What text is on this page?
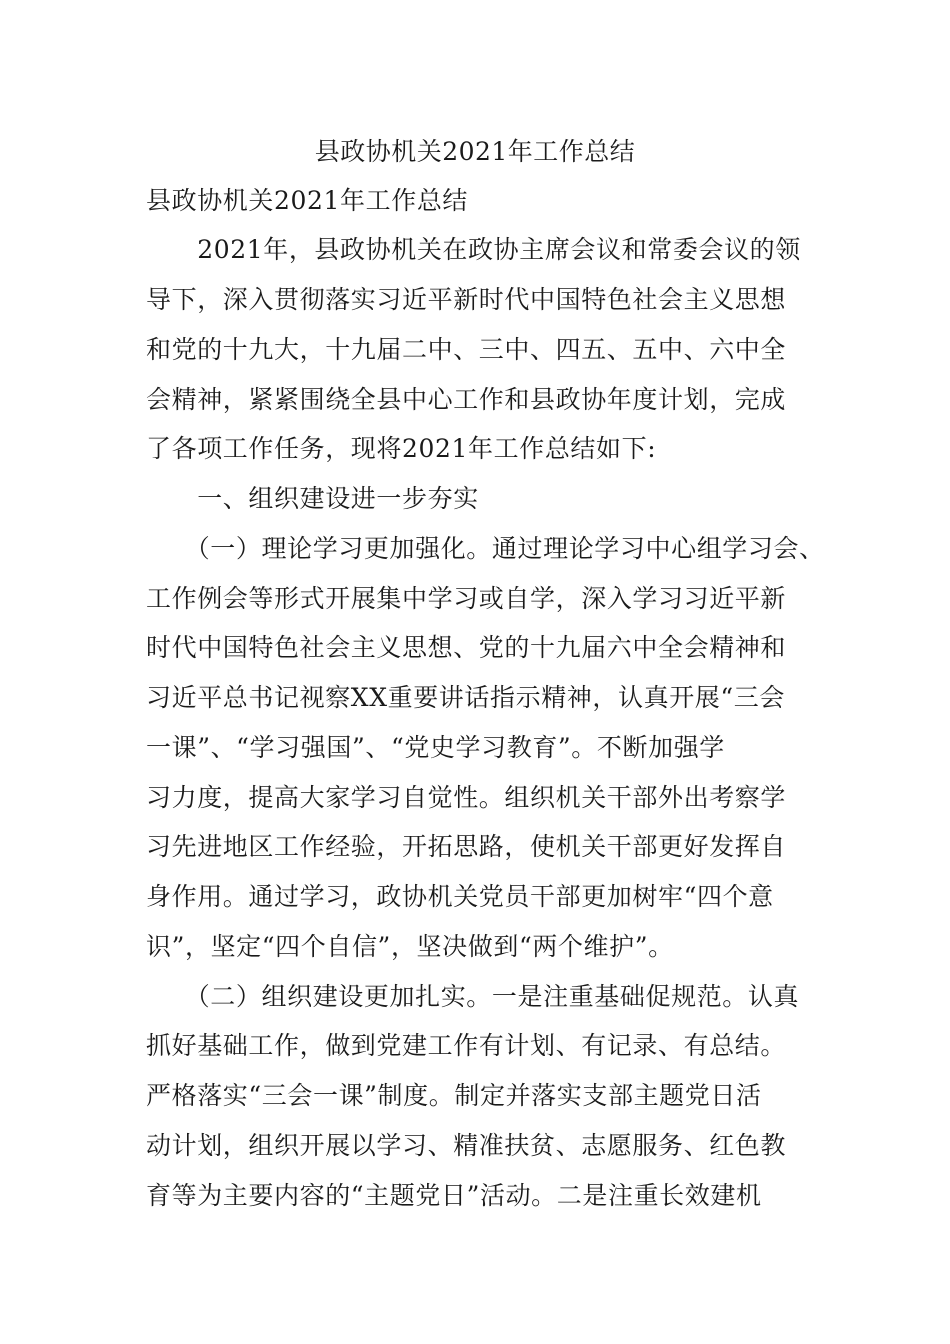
县政协机关2021年工作总结
县政协机关2021年工作总结
　　2021年，县政协机关在政协主席会议和常委会议的领
导下，深入贯彻落实习近平新时代中国特色社会主义思想
和党的十九大，十九届二中、三中、四五、五中、六中全
会精神，紧紧围绕全县中心工作和县政协年度计划，完成
了各项工作任务，现将2021年工作总结如下:
　　一、组织建设进一步夯实
　　（一）理论学习更加强化。通过理论学习中心组学习会、
工作例会等形式开展集中学习或自学，深入学习习近平新
时代中国特色社会主义思想、党的十九届六中全会精神和
习近平总书记视察XX重要讲话指示精神，认真开展“三会
一课”、“学习强国”、“党史学习教育”。不断加强学
习力度，提高大家学习自觉性。组织机关干部外出考察学
习先进地区工作经验，开拓思路，使机关干部更好发挥自
身作用。通过学习，政协机关党员干部更加树牢“四个意
识”，坚定“四个自信”，坚决做到“两个维护”。
　　（二）组织建设更加扎实。一是注重基础促规范。认真
抓好基础工作，做到党建工作有计划、有记录、有总结。
严格落实“三会一课”制度。制定并落实支部主题党日活
动计划，组织开展以学习、精准扶贫、志愿服务、红色教
育等为主要内容的“主题党日”活动。二是注重长效建机
